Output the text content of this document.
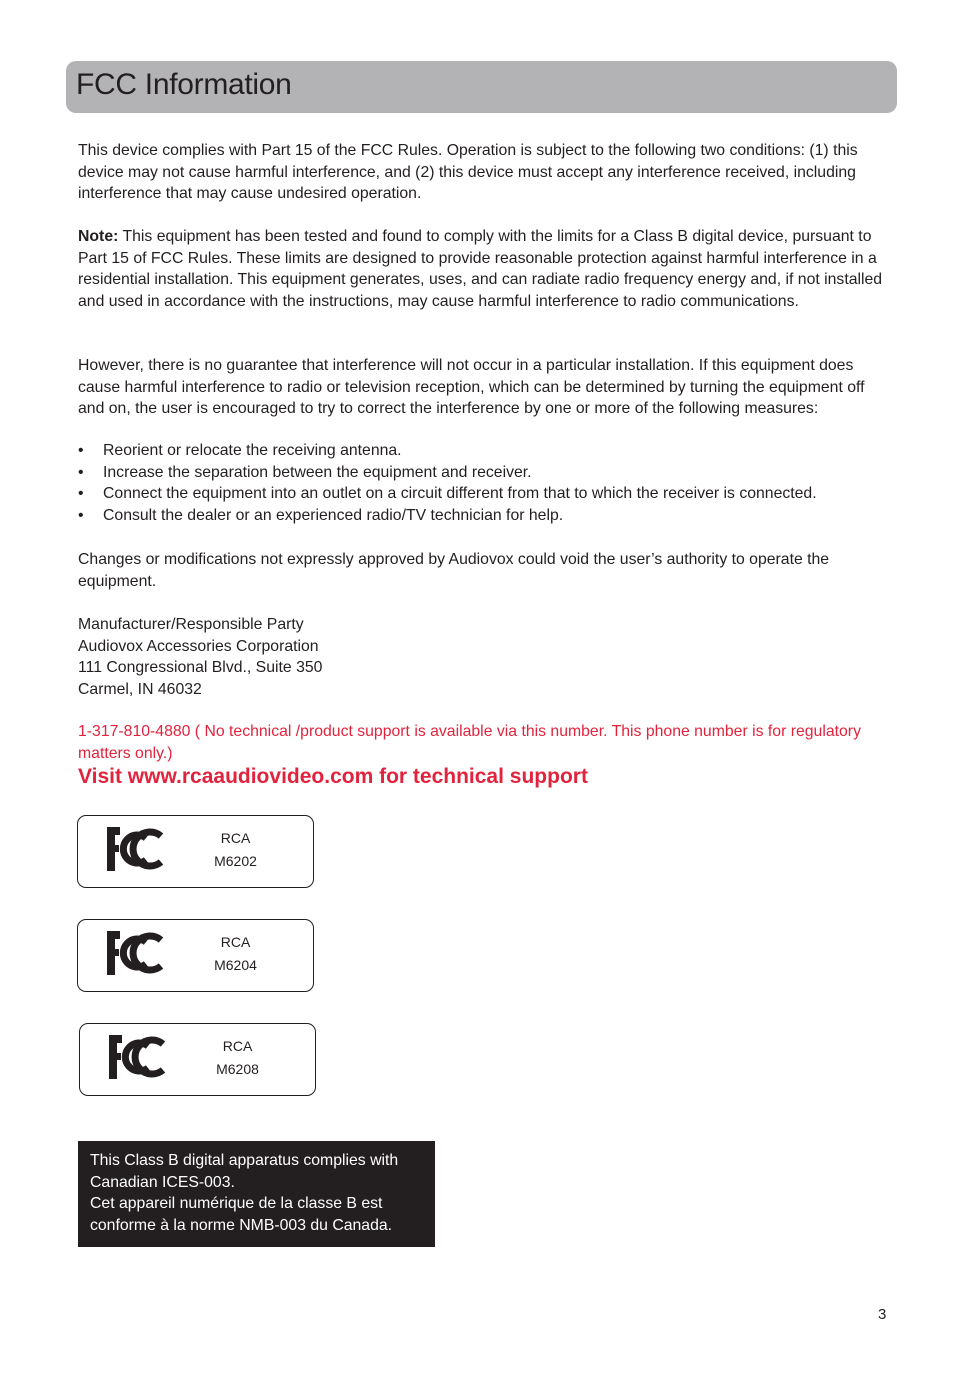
FCC Information

This device complies with Part 15 of the FCC Rules. Operation is subject to the following two conditions: (1) this device may not cause harmful interference, and (2) this device must accept any interference received, including interference that may cause undesired operation.

Note: This equipment has been tested and found to comply with the limits for a Class B digital device, pursuant to Part 15 of FCC Rules. These limits are designed to provide reasonable protection against harmful interference in a residential installation. This equipment generates, uses, and can radiate radio frequency energy and, if not installed and used in accordance with the instructions, may cause harmful interference to radio communications.

However, there is no guarantee that interference will not occur in a particular installation. If this equipment does cause harmful interference to radio or television reception, which can be determined by turning the equipment off and on, the user is encouraged to try to correct the interference by one or more of the following measures:

• Reorient or relocate the receiving antenna.
• Increase the separation between the equipment and receiver.
• Connect the equipment into an outlet on a circuit different from that to which the receiver is connected.
• Consult the dealer or an experienced radio/TV technician for help.

Changes or modifications not expressly approved by Audiovox could void the user’s authority to operate the equipment.

Manufacturer/Responsible Party
Audiovox Accessories Corporation
111 Congressional Blvd., Suite 350
Carmel, IN 46032

1-317-810-4880 ( No technical /product support is available via this number. This phone number is for regulatory matters only.)

Visit www.rcaaudiovideo.com for technical support

RCA
M6202
RCA
M6204
RCA
M6208
This Class B digital apparatus complies with Canadian ICES-003.
Cet appareil numérique de la classe B est conforme à la norme NMB-003 du Canada.
3
